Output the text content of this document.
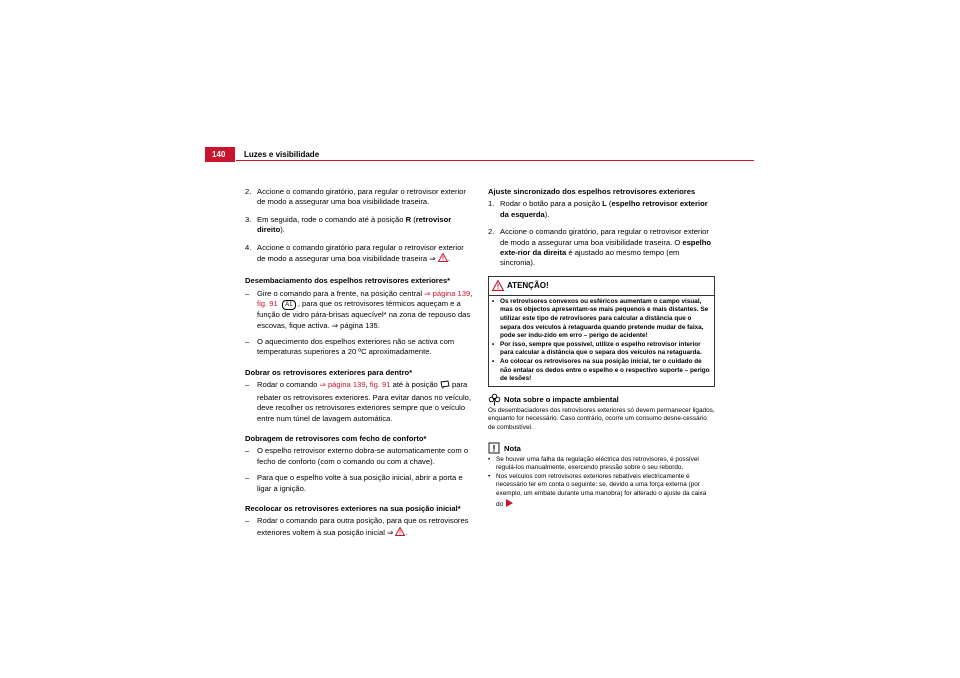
140	Luzes e visibilidade
2. Accione o comando giratório, para regular o retrovisor exterior de modo a assegurar uma boa visibilidade traseira.
3. Em seguida, rode o comando até à posição R (retrovisor direito).
4. Accione o comando giratório para regular o retrovisor exterior de modo a assegurar uma boa visibilidade traseira ⇒ .

Desembaciamento dos espelhos retrovisores exteriores*

– Gire o comando para a frente, na posição central ⇒ página 139, fig. 91 A1 , para que os retrovisores térmicos aqueçam e a função de vidro pára-brisas aquecível* na zona de repouso das escovas, fique activa. ⇒ página 135.
– O aquecimento dos espelhos exteriores não se activa com temperaturas superiores a 20 ºC aproximadamente.

Dobrar os retrovisores exteriores para dentro*

– Rodar o comando ⇒ página 139, fig. 91 até à posição  para rebater os retrovisores exteriores. Para evitar danos no veículo, deve recolher os retrovisores exteriores sempre que o veículo entre num túnel de lavagem automática.

Dobragem de retrovisores com fecho de conforto*

– O espelho retrovisor externo dobra-se automaticamente com o fecho de conforto (com o comando ou com a chave).
– Para que o espelho volte à sua posição inicial, abrir a porta e ligar a ignição.

Recolocar os retrovisores exteriores na sua posição inicial*

– Rodar o comando para outra posição, para que os retrovisores exteriores voltem à sua posição inicial ⇒ .

Ajuste sincronizado dos espelhos retrovisores exteriores

1. Rodar o botão para a posição L (espelho retrovisor exterior da esquerda).
2. Accione o comando giratório, para regular o retrovisor exterior de modo a assegurar uma boa visibilidade traseira. O espelho exte-rior da direita é ajustado ao mesmo tempo (em sincronia).
ATENÇÃO!
• Os retrovisores convexos ou esféricos aumentam o campo visual, mas os objectos apresentam-se mais pequenos e mais distantes. Se utilizar este tipo de retrovisores para calcular a distância que o separa dos veículos à retaguarda quando pretende mudar de faixa, pode ser indu-zido em erro – perigo de acidente!
• Por isso, sempre que possível, utilize o espelho retrovisor interior para calcular a distância que o separa dos veículos na retaguarda.
• Ao colocar os retrovisores na sua posição inicial, ter o cuidado de não entalar os dedos entre o espelho e o respectivo suporte – perigo de lesões!
Nota sobre o impacte ambiental

Os desembaciadores dos retrovisores exteriores só devem permanecer ligados, enquanto for necessário. Caso contrário, ocorre um consumo desne-cessário de combustível.

Nota
• Se houver uma falha da regulação eléctrica dos retrovisores, é possível regulá-los manualmente, exercendo pressão sobre o seu rebordo.
• Nos veículos com retrovisores exteriores rebatíveis electricamente é necessário ter em conta o seguinte: se, devido a uma força externa (por exemplo, um embate durante uma manobra) for alterado o ajuste da caixa do
